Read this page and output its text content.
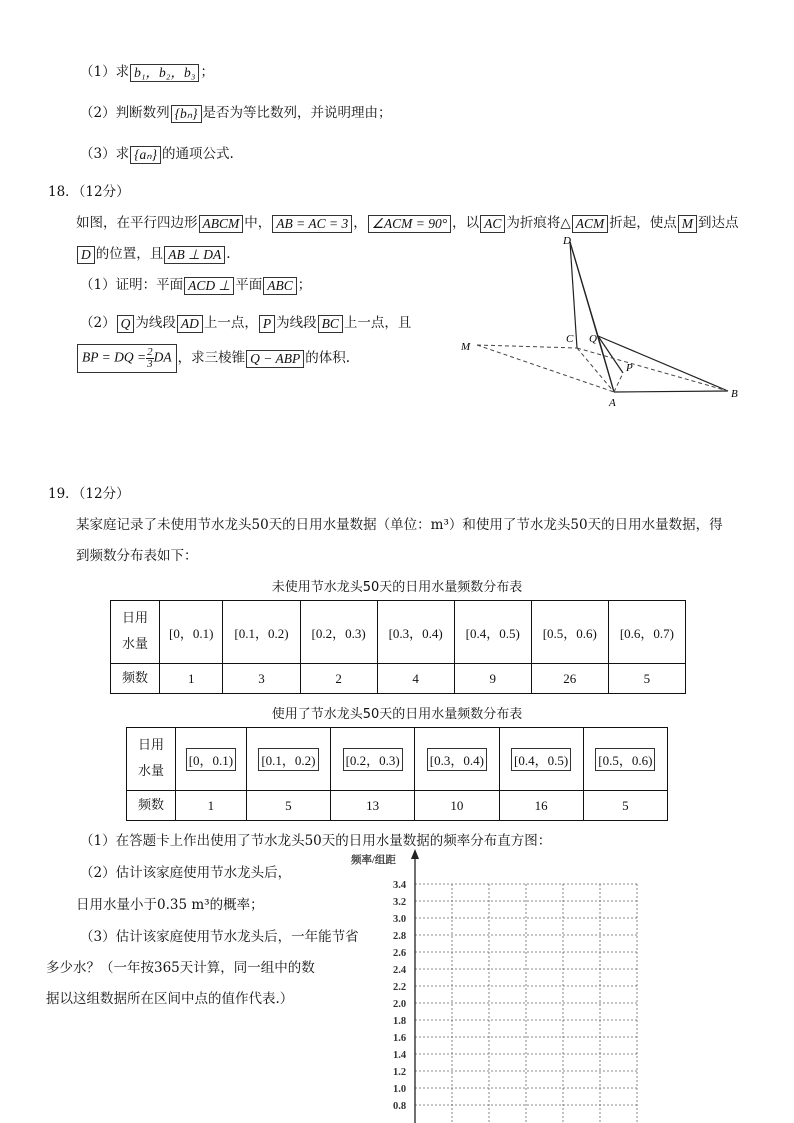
（1）求 b₁，b₂，b₃ ；
（2）判断数列 {bₙ} 是否为等比数列，并说明理由；
（3）求 {aₙ} 的通项公式.
18．（12分）
如图，在平行四边形 ABCM 中， AB = AC = 3 ， ∠ACM = 90° ，以 AC 为折痕将△ ACM 折起，使点 M 到达点
D 的位置，且 AB ⊥ DA .
（1）证明：平面 ACD ⊥ 平面 ABC ；
（2） Q 为线段 AD 上一点， P 为线段 BC 上一点，且
BP = DQ = $\frac{2}{3}$ DA ，求三棱锥 Q − ABP 的体积.
D
C Q
M
P
A
B
19．（12分）
某家庭记录了未使用节水龙头50天的日用水量数据（单位：m³）和使用了节水龙头50天的日用水量数据，得
到频数分布表如下：
未使用节水龙头50天的日用水量频数分布表
日用
水量	[0，0.1)	[0.1，0.2)	[0.2，0.3)	[0.3，0.4)	[0.4，0.5)	[0.5，0.6)	[0.6，0.7)
频数	1	3	2	4	9	26	5
使用了节水龙头50天的日用水量频数分布表
日用
水量	[0，0.1)	[0.1，0.2)	[0.2，0.3)	[0.3，0.4)	[0.4，0.5)	[0.5，0.6)
频数	1	5	13	10	16	5
（1）在答题卡上作出使用了节水龙头50天的日用水量数据的频率分布直方图：
（2）估计该家庭使用节水龙头后，
日用水量小于0.35 m³的概率；
（3）估计该家庭使用节水龙头后，一年能节省
多少水？（一年按365天计算，同一组中的数
据以这组数据所在区间中点的值作代表.）
频率/组距
3.4
3.2
3.0
2.8
2.6
2.4
2.2
2.0
1.8
1.6
1.4
1.2
1.0
0.8
